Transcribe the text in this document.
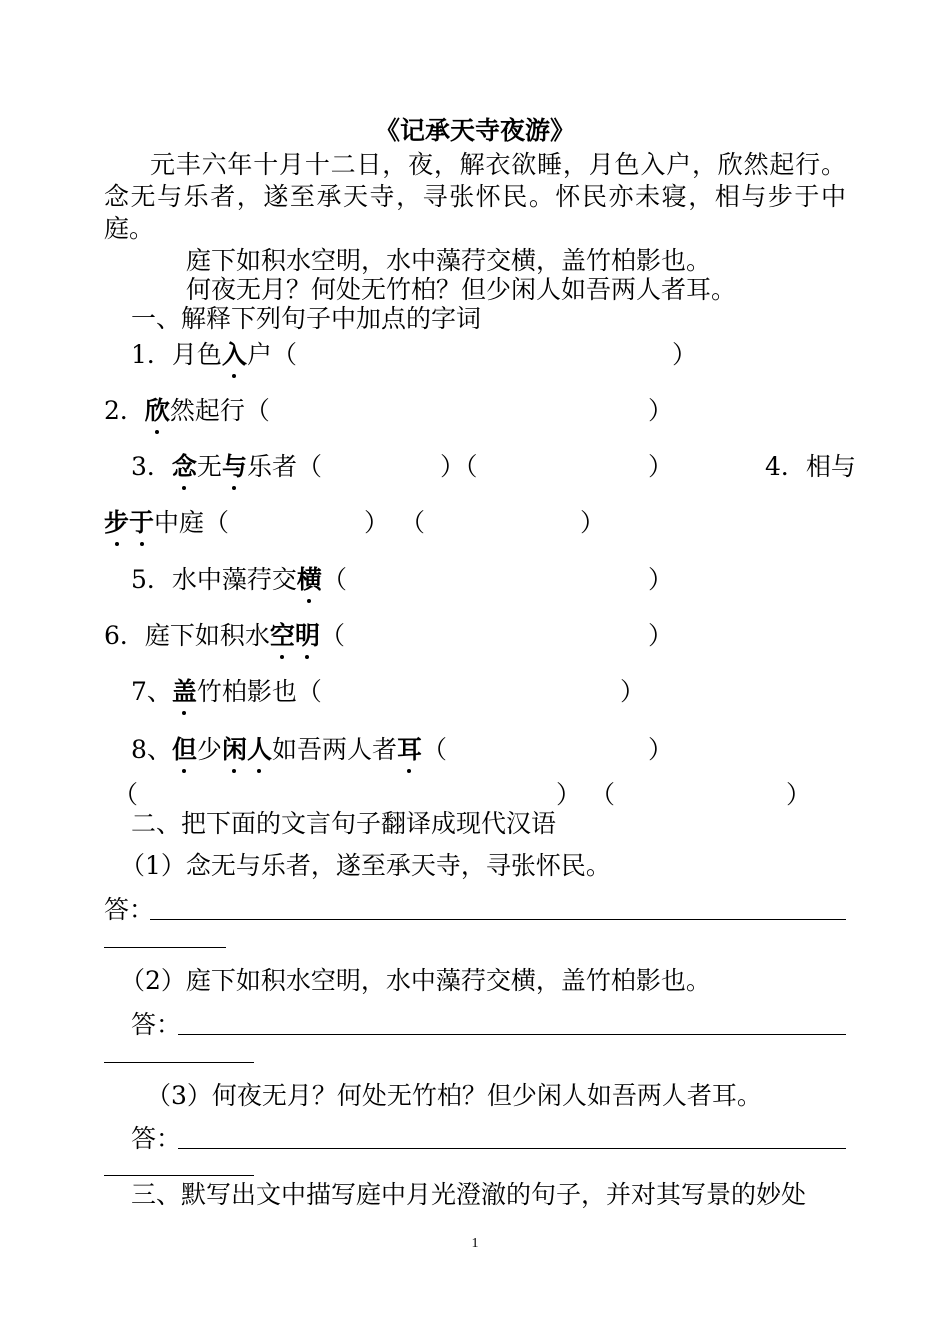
《记承天寺夜游》
元丰六年十月十二日，夜，解衣欲睡，月色入户，欣然起行。
念无与乐者，遂至承天寺，寻张怀民。怀民亦未寝，相与步于中
庭。
庭下如积水空明，水中藻荇交横，盖竹柏影也。
何夜无月？何处无竹柏？但少闲人如吾两人者耳。
一、解释下列句子中加点的字词
1．月色入户（	）
2．欣然起行（	）
3．念无与乐者（	）（	）	4．相与
步于中庭（	） （	）
5．水中藻荇交横（	）
6．庭下如积水空明（	）
7、盖竹柏影也（	）
8、但少闲人如吾两人者耳（	）
（	） （	）
二、把下面的文言句子翻译成现代汉语
（1）念无与乐者，遂至承天寺，寻张怀民。
答：
（2）庭下如积水空明，水中藻荇交横，盖竹柏影也。
答：
（3）何夜无月？何处无竹柏？但少闲人如吾两人者耳。
答：
三、默写出文中描写庭中月光澄澈的句子，并对其写景的妙处
1
